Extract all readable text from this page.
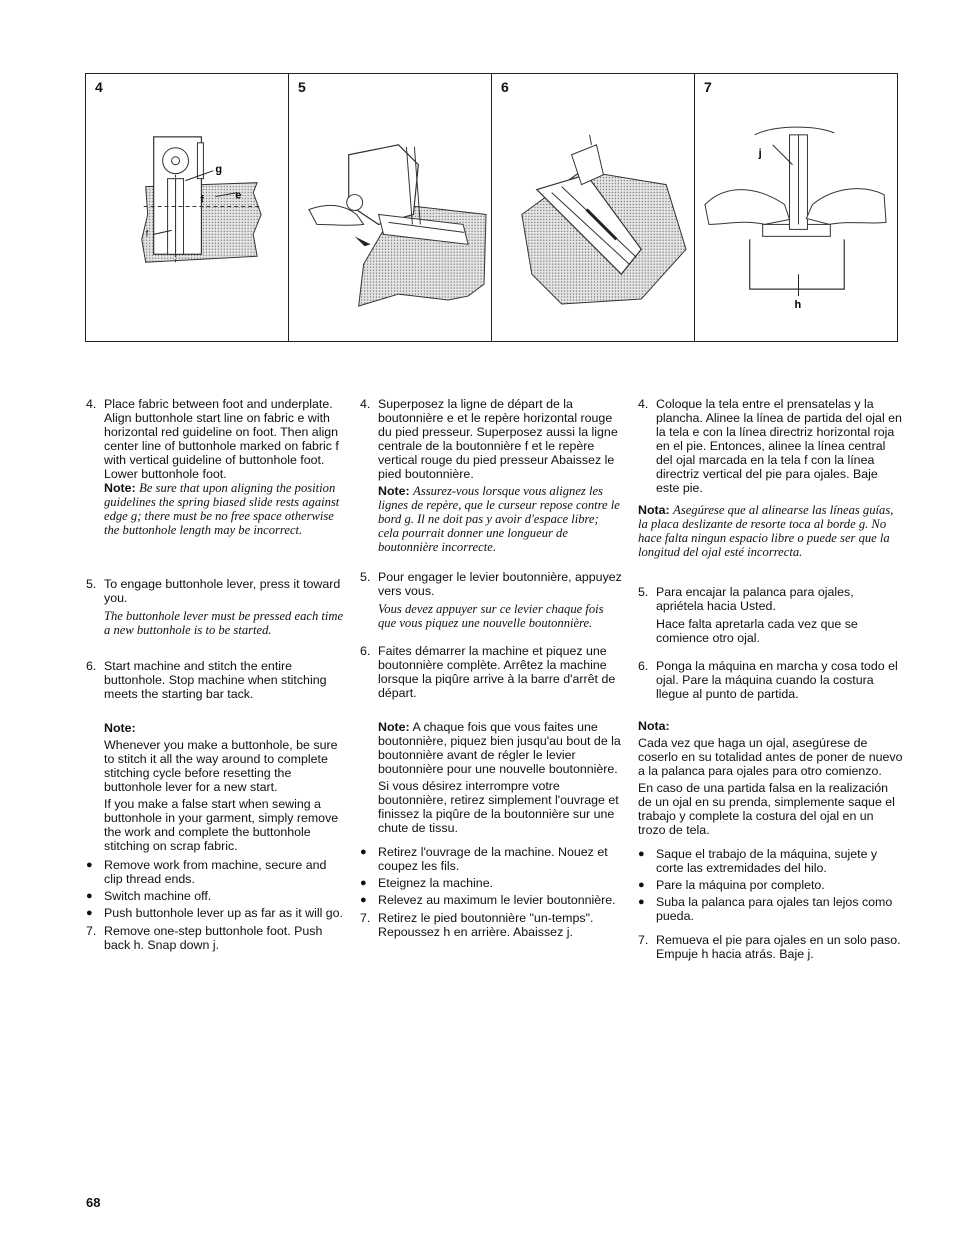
4
g
e
f
f
5	6	7
j
h
4. Place fabric between foot and underplate. Align buttonhole start line on fabric e with horizontal red guideline on foot. Then align center line of buttonhole marked on fabric f with vertical guideline of buttonhole foot. Lower buttonhole foot.
Note: Be sure that upon aligning the position guidelines the spring biased slide rests against edge g; there must be no free space otherwise the buttonhole length may be incorrect.
5. To engage buttonhole lever, press it toward you.
The buttonhole lever must be pressed each time a new buttonhole is to be started.
6. Start machine and stitch the entire buttonhole. Stop machine when stitching meets the starting bar tack.
Note:
Whenever you make a buttonhole, be sure to stitch it all the way around to complete stitching cycle before resetting the buttonhole lever for a new start.
If you make a false start when sewing a buttonhole in your garment, simply remove the work and complete the buttonhole stitching on scrap fabric.
● Remove work from machine, secure and clip thread ends.
● Switch machine off.
● Push buttonhole lever up as far as it will go.
7. Remove one-step buttonhole foot. Push back h. Snap down j.
4. Superposez la ligne de départ de la boutonnière e et le repère horizontal rouge du pied presseur. Superposez aussi la ligne centrale de la boutonnière f et le repère vertical rouge du pied presseur Abaissez le pied boutonnière.
Note: Assurez-vous lorsque vous alignez les lignes de repère, que le curseur repose contre le bord g. Il ne doit pas y avoir d'espace libre; cela pourrait donner une longueur de boutonnière incorrecte.
5. Pour engager le levier boutonnière, appuyez vers vous.
Vous devez appuyer sur ce levier chaque fois que vous piquez une nouvelle boutonnière.
6. Faites démarrer la machine et piquez une boutonnière complète. Arrêtez la machine lorsque la piqûre arrive à la barre d'arrêt de départ.
Note: A chaque fois que vous faites une boutonnière, piquez bien jusqu'au bout de la boutonnière avant de régler le levier boutonnière pour une nouvelle boutonnière.
Si vous désirez interrompre votre boutonnière, retirez simplement l'ouvrage et finissez la piqûre de la boutonnière sur une chute de tissu.
● Retirez l'ouvrage de la machine. Nouez et coupez les fils.
● Eteignez la machine.
● Relevez au maximum le levier boutonnière.
7. Retirez le pied boutonnière "un-temps". Repoussez h en arrière. Abaissez j.
4. Coloque la tela entre el prensatelas y la plancha. Alinee la línea de partida del ojal en la tela e con la línea directriz horizontal roja en el pie. Entonces, alinee la línea central del ojal marcada en la tela f con la línea directriz vertical del pie para ojales. Baje este pie.
Nota: Asegúrese que al alinearse las líneas guías, la placa deslizante de resorte toca al borde g. No hace falta ningun espacio libre o puede ser que la longitud del ojal esté incorrecta.
5. Para encajar la palanca para ojales, apriétela hacia Usted.
Hace falta apretarla cada vez que se comience otro ojal.
6. Ponga la máquina en marcha y cosa todo el ojal. Pare la máquina cuando la costura llegue al punto de partida.
Nota:
Cada vez que haga un ojal, asegúrese de coserlo en su totalidad antes de poner de nuevo a la palanca para ojales para otro comienzo.
En caso de una partida falsa en la realización de un ojal en su prenda, simplemente saque el trabajo y complete la costura del ojal en un trozo de tela.
● Saque el trabajo de la máquina, sujete y corte las extremidades del hilo.
● Pare la máquina por completo.
● Suba la palanca para ojales tan lejos como pueda.
7. Remueva el pie para ojales en un solo paso. Empuje h hacia atrás. Baje j.
68
